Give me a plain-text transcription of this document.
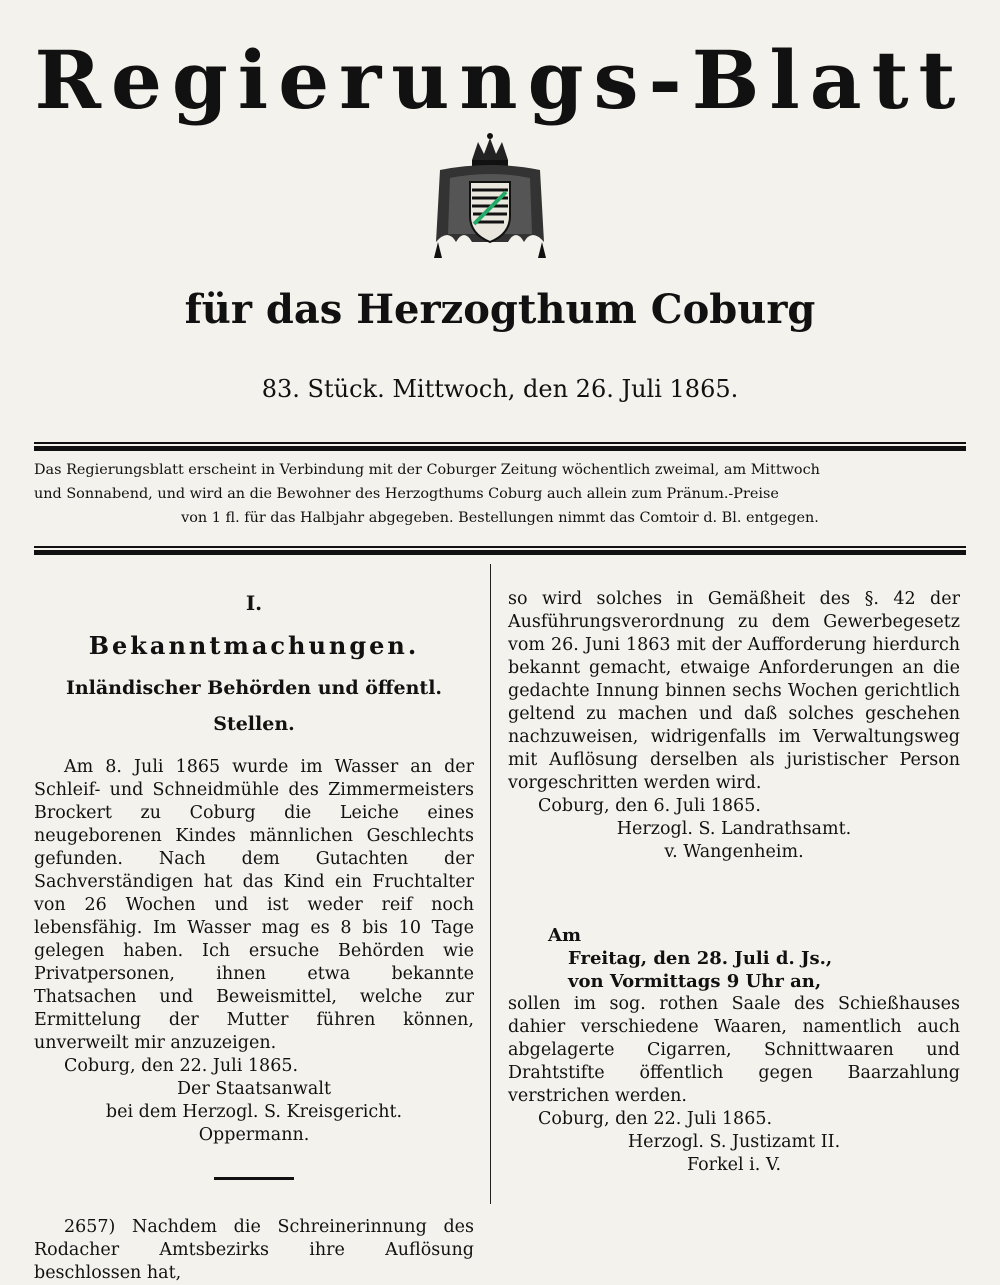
Regierungs-Blatt
für das Herzogthum Coburg
83. Stück. Mittwoch, den 26. Juli 1865.
Das Regierungsblatt erscheint in Verbindung mit der Coburger Zeitung wöchentlich zweimal, am Mittwoch
und Sonnabend, und wird an die Bewohner des Herzogthums Coburg auch allein zum Pränum.-Preise
von 1 fl. für das Halbjahr abgegeben. Bestellungen nimmt das Comtoir d. Bl. entgegen.
I.
Bekanntmachungen.
Inländischer Behörden und öffentl. Stellen.

Am 8. Juli 1865 wurde im Wasser an der Schleif- und Schneidmühle des Zimmermeisters Brockert zu Coburg die Leiche eines neugeborenen Kindes männlichen Geschlechts gefunden. Nach dem Gutachten der Sachverständigen hat das Kind ein Fruchtalter von 26 Wochen und ist weder reif noch lebensfähig. Im Wasser mag es 8 bis 10 Tage gelegen haben. Ich ersuche Behörden wie Privatpersonen, ihnen etwa bekannte Thatsachen und Beweismittel, welche zur Ermittelung der Mutter führen können, unverweilt mir anzuzeigen.

Coburg, den 22. Juli 1865.
Der Staatsanwalt
bei dem Herzogl. S. Kreisgericht.
Oppermann.

2657) Nachdem die Schreinerinnung des Rodacher Amtsbezirks ihre Auflösung beschlossen hat,

so wird solches in Gemäßheit des §. 42 der Ausführungsverordnung zu dem Gewerbegesetz vom 26. Juni 1863 mit der Aufforderung hierdurch bekannt gemacht, etwaige Anforderungen an die gedachte Innung binnen sechs Wochen gerichtlich geltend zu machen und daß solches geschehen nachzuweisen, widrigenfalls im Verwaltungsweg mit Auflösung derselben als juristischer Person vorgeschritten werden wird.

Coburg, den 6. Juli 1865.
Herzogl. S. Landrathsamt.
v. Wangenheim.
Am
Freitag, den 28. Juli d. Js.,
von Vormittags 9 Uhr an,

sollen im sog. rothen Saale des Schießhauses dahier verschiedene Waaren, namentlich auch abgelagerte Cigarren, Schnittwaaren und Drahtstifte öffentlich gegen Baarzahlung verstrichen werden.

Coburg, den 22. Juli 1865.
Herzogl. S. Justizamt II.
Forkel i. V.
